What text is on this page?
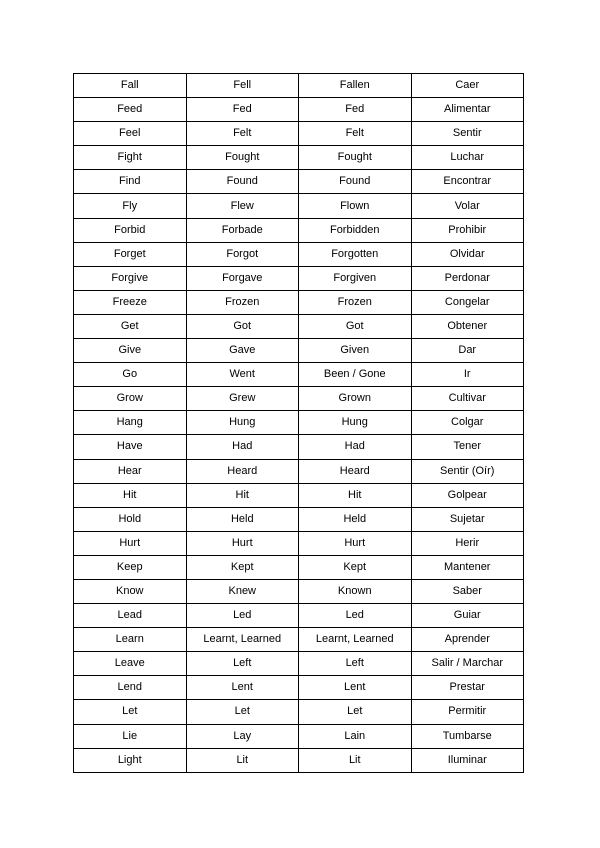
Fall	Fell	Fallen	Caer
Feed	Fed	Fed	Alimentar
Feel	Felt	Felt	Sentir
Fight	Fought	Fought	Luchar
Find	Found	Found	Encontrar
Fly	Flew	Flown	Volar
Forbid	Forbade	Forbidden	Prohibir
Forget	Forgot	Forgotten	Olvidar
Forgive	Forgave	Forgiven	Perdonar
Freeze	Frozen	Frozen	Congelar
Get	Got	Got	Obtener
Give	Gave	Given	Dar
Go	Went	Been / Gone	Ir
Grow	Grew	Grown	Cultivar
Hang	Hung	Hung	Colgar
Have	Had	Had	Tener
Hear	Heard	Heard	Sentir (Oír)
Hit	Hit	Hit	Golpear
Hold	Held	Held	Sujetar
Hurt	Hurt	Hurt	Herir
Keep	Kept	Kept	Mantener
Know	Knew	Known	Saber
Lead	Led	Led	Guiar
Learn	Learnt, Learned	Learnt, Learned	Aprender
Leave	Left	Left	Salir / Marchar
Lend	Lent	Lent	Prestar
Let	Let	Let	Permitir
Lie	Lay	Lain	Tumbarse
Light	Lit	Lit	Iluminar
